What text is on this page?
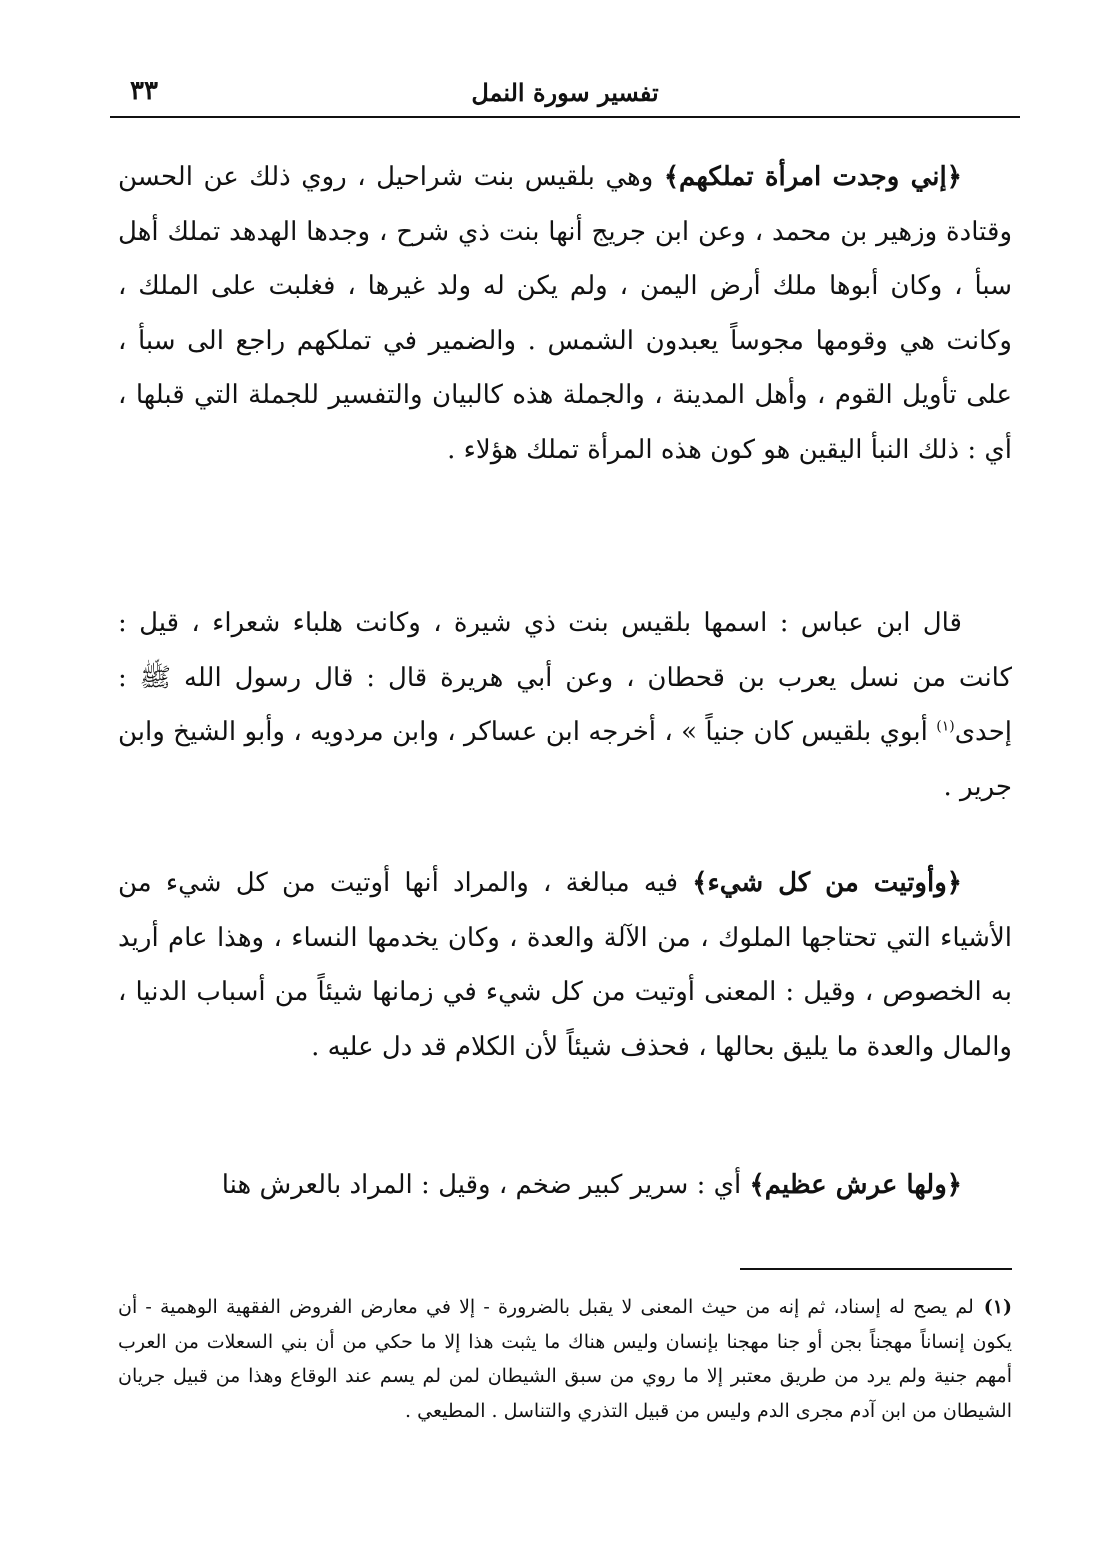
تفسير سورة النمل
٣٣

﴿إني وجدت امرأة تملكهم﴾ وهي بلقيس بنت شراحيل ، روي ذلك عن الحسن وقتادة وزهير بن محمد ، وعن ابن جريج أنها بنت ذي شرح ، وجدها الهدهد تملك أهل سبأ ، وكان أبوها ملك أرض اليمن ، ولم يكن له ولد غيرها ، فغلبت على الملك ، وكانت هي وقومها مجوساً يعبدون الشمس . والضمير في تملكهم راجع الى سبأ ، على تأويل القوم ، وأهل المدينة ، والجملة هذه كالبيان والتفسير للجملة التي قبلها ، أي : ذلك النبأ اليقين هو كون هذه المرأة تملك هؤلاء .

قال ابن عباس : اسمها بلقيس بنت ذي شيرة ، وكانت هلباء شعراء ، قيل : كانت من نسل يعرب بن قحطان ، وعن أبي هريرة قال : قال رسول الله ﷺ : إحدى$^{(١)}$ أبوي بلقيس كان جنياً » ، أخرجه ابن عساكر ، وابن مردويه ، وأبو الشيخ وابن جرير .

﴿وأوتيت من كل شيء﴾ فيه مبالغة ، والمراد أنها أوتيت من كل شيء من الأشياء التي تحتاجها الملوك ، من الآلة والعدة ، وكان يخدمها النساء ، وهذا عام أريد به الخصوص ، وقيل : المعنى أوتيت من كل شيء في زمانها شيئاً من أسباب الدنيا ، والمال والعدة ما يليق بحالها ، فحذف شيئاً لأن الكلام قد دل عليه .

﴿ولها عرش عظيم﴾ أي : سرير كبير ضخم ، وقيل : المراد بالعرش هنا

(١)لم يصح له إسناد، ثم إنه من حيث المعنى لا يقبل بالضرورة - إلا في معارض الفروض الفقهية الوهمية - أن يكون إنساناً مهجناً بجن أو جنا مهجنا بإنسان وليس هناك ما يثبت هذا إلا ما حكي من أن بني السعلات من العرب أمهم جنية ولم يرد من طريق معتبر إلا ما روي من سبق الشيطان لمن لم يسم عند الوقاع وهذا من قبيل جريان الشيطان من ابن آدم مجرى الدم وليس من قبيل التذري والتناسل . المطيعي .
